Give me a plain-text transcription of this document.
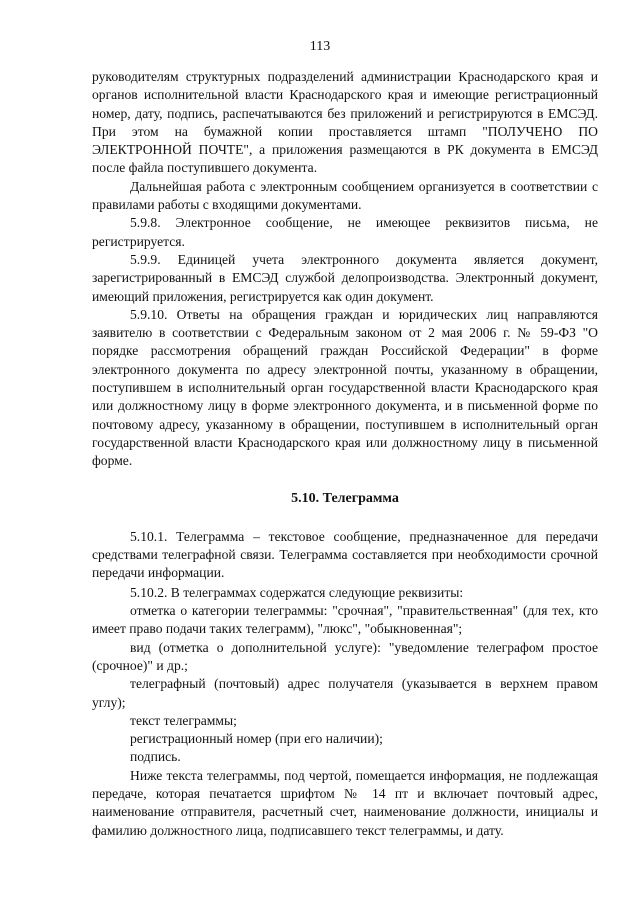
113

руководителям структурных подразделений администрации Краснодарского края и органов исполнительной власти Краснодарского края и имеющие регистрационный номер, дату, подпись, распечатываются без приложений и регистрируются в ЕМСЭД. При этом на бумажной копии проставляется штамп "ПОЛУЧЕНО ПО ЭЛЕКТРОННОЙ ПОЧТЕ", а приложения размещаются в РК документа в ЕМСЭД после файла поступившего документа.

Дальнейшая работа с электронным сообщением организуется в соответствии с правилами работы с входящими документами.

5.9.8. Электронное сообщение, не имеющее реквизитов письма, не регистрируется.

5.9.9. Единицей учета электронного документа является документ, зарегистрированный в ЕМСЭД службой делопроизводства. Электронный документ, имеющий приложения, регистрируется как один документ.

5.9.10. Ответы на обращения граждан и юридических лиц направляются заявителю в соответствии с Федеральным законом от 2 мая 2006 г. № 59-ФЗ "О порядке рассмотрения обращений граждан Российской Федерации" в форме электронного документа по адресу электронной почты, указанному в обращении, поступившем в исполнительный орган государственной власти Краснодарского края или должностному лицу в форме электронного документа, и в письменной форме по почтовому адресу, указанному в обращении, поступившем в исполнительный орган государственной власти Краснодарского края или должностному лицу в письменной форме.

5.10. Телеграмма

5.10.1. Телеграмма – текстовое сообщение, предназначенное для передачи средствами телеграфной связи. Телеграмма составляется при необходимости срочной передачи информации.

5.10.2. В телеграммах содержатся следующие реквизиты:

отметка о категории телеграммы: "срочная", "правительственная" (для тех, кто имеет право подачи таких телеграмм), "люкс", "обыкновенная";

вид (отметка о дополнительной услуге): "уведомление телеграфом простое (срочное)" и др.;

телеграфный (почтовый) адрес получателя (указывается в верхнем правом углу);

текст телеграммы;

регистрационный номер (при его наличии);

подпись.

Ниже текста телеграммы, под чертой, помещается информация, не подлежащая передаче, которая печатается шрифтом № 14 пт и включает почтовый адрес, наименование отправителя, расчетный счет, наименование должности, инициалы и фамилию должностного лица, подписавшего текст телеграммы, и дату.
